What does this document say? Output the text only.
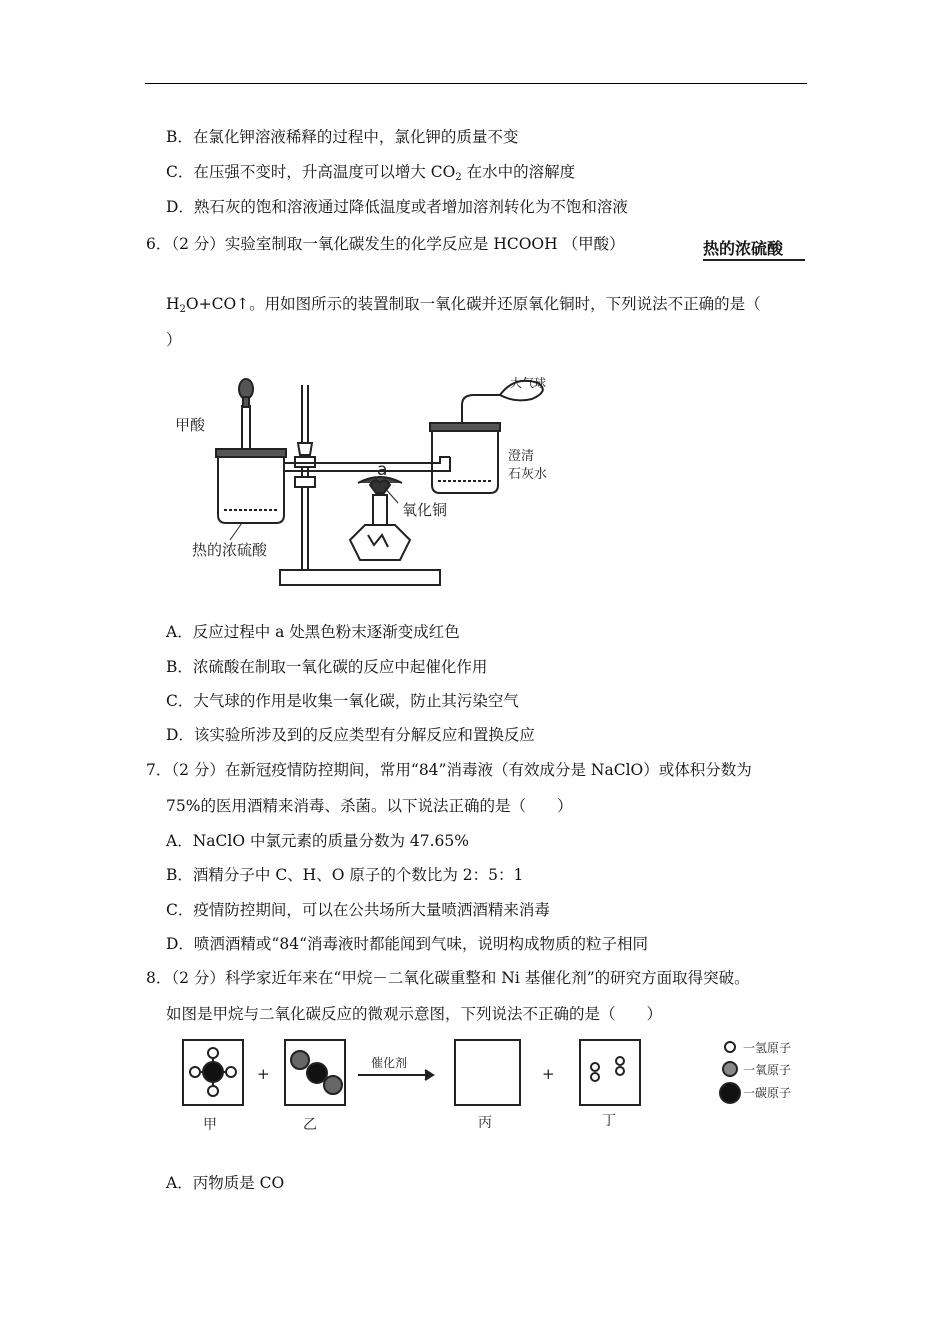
B．在氯化钾溶液稀释的过程中，氯化钾的质量不变
C．在压强不变时，升高温度可以增大 $CO_2$ 在水中的溶解度
D．熟石灰的饱和溶液通过降低温度或者增加溶剂转化为不饱和溶液
6．（2 分）实验室制取一氧化碳发生的化学反应是 HCOOH （甲酸）	热的浓硫酸
$H_2O+CO↑$。用如图所示的装置制取一氧化碳并还原氧化铜时，下列说法不正确的是（
）
甲酸
大气球
澄清
石灰水
a
氧化铜
热的浓硫酸
A．反应过程中 a 处黑色粉末逐渐变成红色
B．浓硫酸在制取一氧化碳的反应中起催化作用
C．大气球的作用是收集一氧化碳，防止其污染空气
D．该实验所涉及到的反应类型有分解反应和置换反应
7．（2 分）在新冠疫情防控期间，常用“84”消毒液（有效成分是 NaClO）或体积分数为
75%的医用酒精来消毒、杀菌。以下说法正确的是（　　）
A．NaClO 中氯元素的质量分数为 47.65%
B．酒精分子中 C、H、O 原子的个数比为 2：5：1
C．疫情防控期间，可以在公共场所大量喷洒酒精来消毒
D．喷洒酒精或“84“消毒液时都能闻到气味，说明构成物质的粒子相同
8．（2 分）科学家近年来在“甲烷－二氧化碳重整和 Ni 基催化剂”的研究方面取得突破。
如图是甲烷与二氧化碳反应的微观示意图，下列说法不正确的是（　　）
+	+
催化剂
甲	乙	丙	丁
一氢原子
一氧原子
一碳原子
A．丙物质是 CO
